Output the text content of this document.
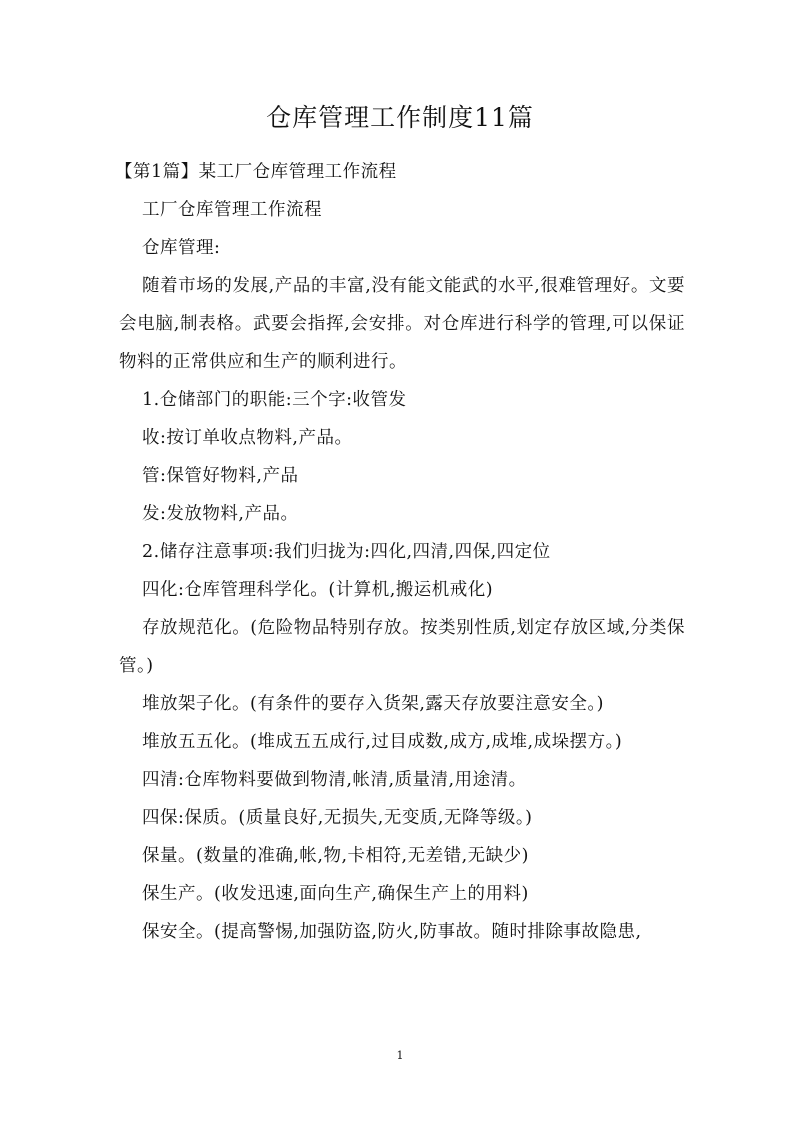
仓库管理工作制度11篇

【第1篇】某工厂仓库管理工作流程

工厂仓库管理工作流程

仓库管理:

随着市场的发展,产品的丰富,没有能文能武的水平,很难管理好。文要会电脑,制表格。武要会指挥,会安排。对仓库进行科学的管理,可以保证物料的正常供应和生产的顺利进行。

1.仓储部门的职能:三个字:收管发

收:按订单收点物料,产品。

管:保管好物料,产品

发:发放物料,产品。

2.储存注意事项:我们归拢为:四化,四清,四保,四定位

四化:仓库管理科学化。(计算机,搬运机戒化)

存放规范化。(危险物品特别存放。按类别性质,划定存放区域,分类保管。)

堆放架子化。(有条件的要存入货架,露天存放要注意安全。)

堆放五五化。(堆成五五成行,过目成数,成方,成堆,成垛摆方。)

四清:仓库物料要做到物清,帐清,质量清,用途清。

四保:保质。(质量良好,无损失,无变质,无降等级。)

保量。(数量的准确,帐,物,卡相符,无差错,无缺少)

保生产。(收发迅速,面向生产,确保生产上的用料)

保安全。(提高警惕,加强防盗,防火,防事故。随时排除事故隐患,

1
